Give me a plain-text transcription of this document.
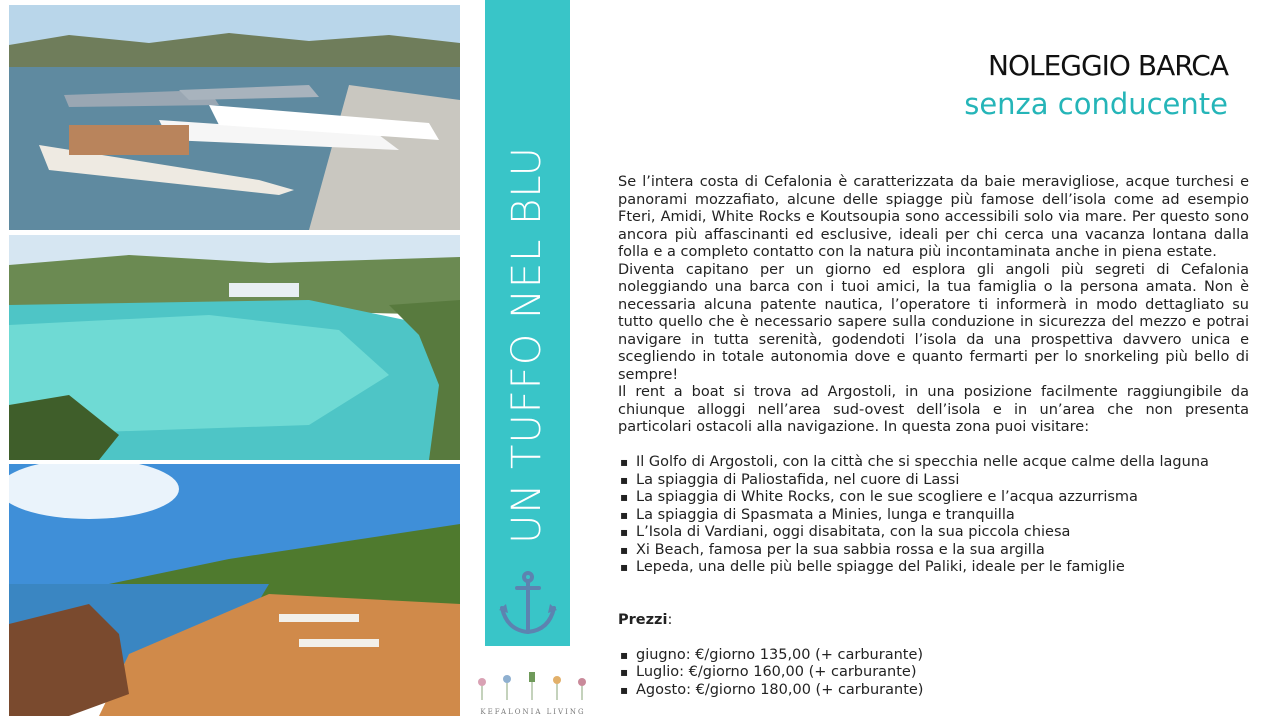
UN TUFFO NEL BLU
KEFALONIA LIVING
NOLEGGIO BARCA
senza conducente

Se l’intera costa di Cefalonia è caratterizzata da baie meravigliose, acque turchesi e panorami mozzafiato, alcune delle spiagge più famose dell’isola come ad esempio Fteri, Amidi, White Rocks e Koutsoupia sono accessibili solo via mare. Per questo sono ancora più affascinanti ed esclusive, ideali per chi cerca una vacanza lontana dalla folla e a completo contatto con la natura più incontaminata anche in piena estate.

Diventa capitano per un giorno ed esplora gli angoli più segreti di Cefalonia noleggiando una barca con i tuoi amici, la tua famiglia o la persona amata. Non è necessaria alcuna patente nautica, l’operatore ti informerà in modo dettagliato su tutto quello che è necessario sapere sulla conduzione in sicurezza del mezzo e potrai navigare in tutta serenità, godendoti l’isola da una prospettiva davvero unica e scegliendo in totale autonomia dove e quanto fermarti per lo snorkeling più bello di sempre!

Il rent a boat si trova ad Argostoli, in una posizione facilmente raggiungibile da chiunque alloggi nell’area sud-ovest dell’isola e in un’area che non presenta particolari ostacoli alla navigazione. In questa zona puoi visitare:

▪ Il Golfo di Argostoli, con la città che si specchia nelle acque calme della laguna
▪ La spiaggia di Paliostafida, nel cuore di Lassi
▪ La spiaggia di White Rocks, con le sue scogliere e l’acqua azzurrisma
▪ La spiaggia di Spasmata a Minies, lunga e tranquilla
▪ L’Isola di Vardiani, oggi disabitata, con la sua piccola chiesa
▪ Xi Beach, famosa per la sua sabbia rossa e la sua argilla
▪ Lepeda, una delle più belle spiagge del Paliki, ideale per le famiglie
Prezzi:
▪ giugno: €/giorno 135,00 (+ carburante)
▪ Luglio: €/giorno 160,00 (+ carburante)
▪ Agosto: €/giorno 180,00 (+ carburante)
